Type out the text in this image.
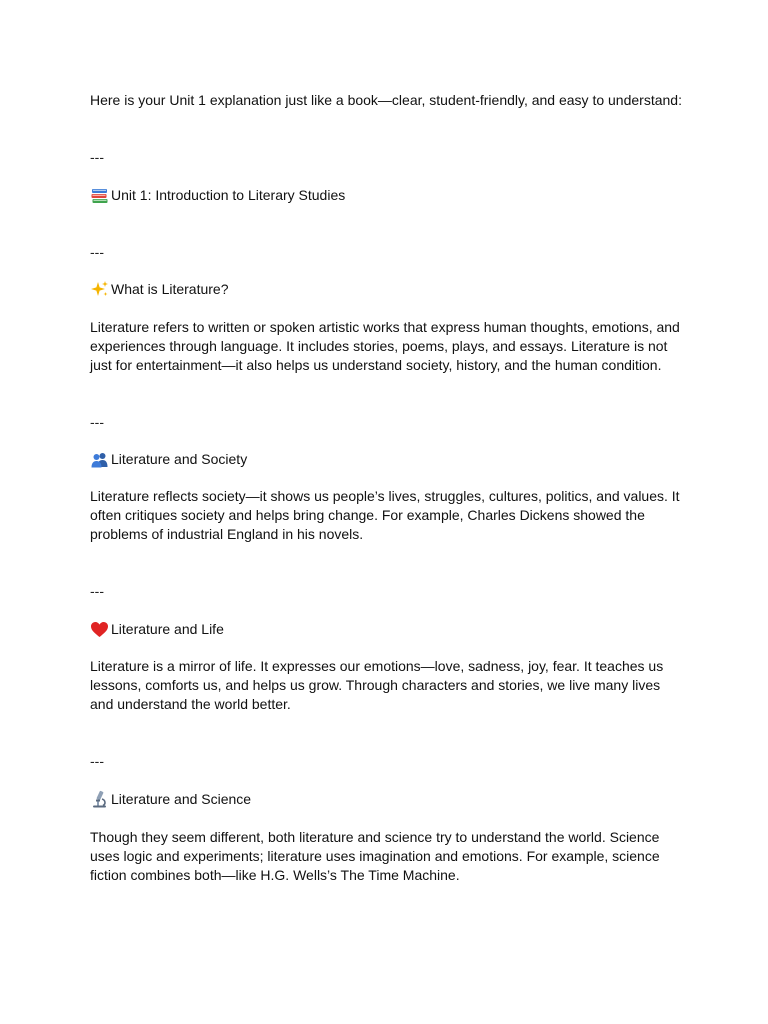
Here is your Unit 1 explanation just like a book—clear, student-friendly, and easy to understand:

---

Unit 1: Introduction to Literary Studies

---

What is Literature?

Literature refers to written or spoken artistic works that express human thoughts, emotions, and experiences through language. It includes stories, poems, plays, and essays. Literature is not just for entertainment—it also helps us understand society, history, and the human condition.

---

Literature and Society

Literature reflects society—it shows us people’s lives, struggles, cultures, politics, and values. It often critiques society and helps bring change. For example, Charles Dickens showed the problems of industrial England in his novels.

---

Literature and Life

Literature is a mirror of life. It expresses our emotions—love, sadness, joy, fear. It teaches us lessons, comforts us, and helps us grow. Through characters and stories, we live many lives and understand the world better.

---

Literature and Science

Though they seem different, both literature and science try to understand the world. Science uses logic and experiments; literature uses imagination and emotions. For example, science fiction combines both—like H.G. Wells’s The Time Machine.
